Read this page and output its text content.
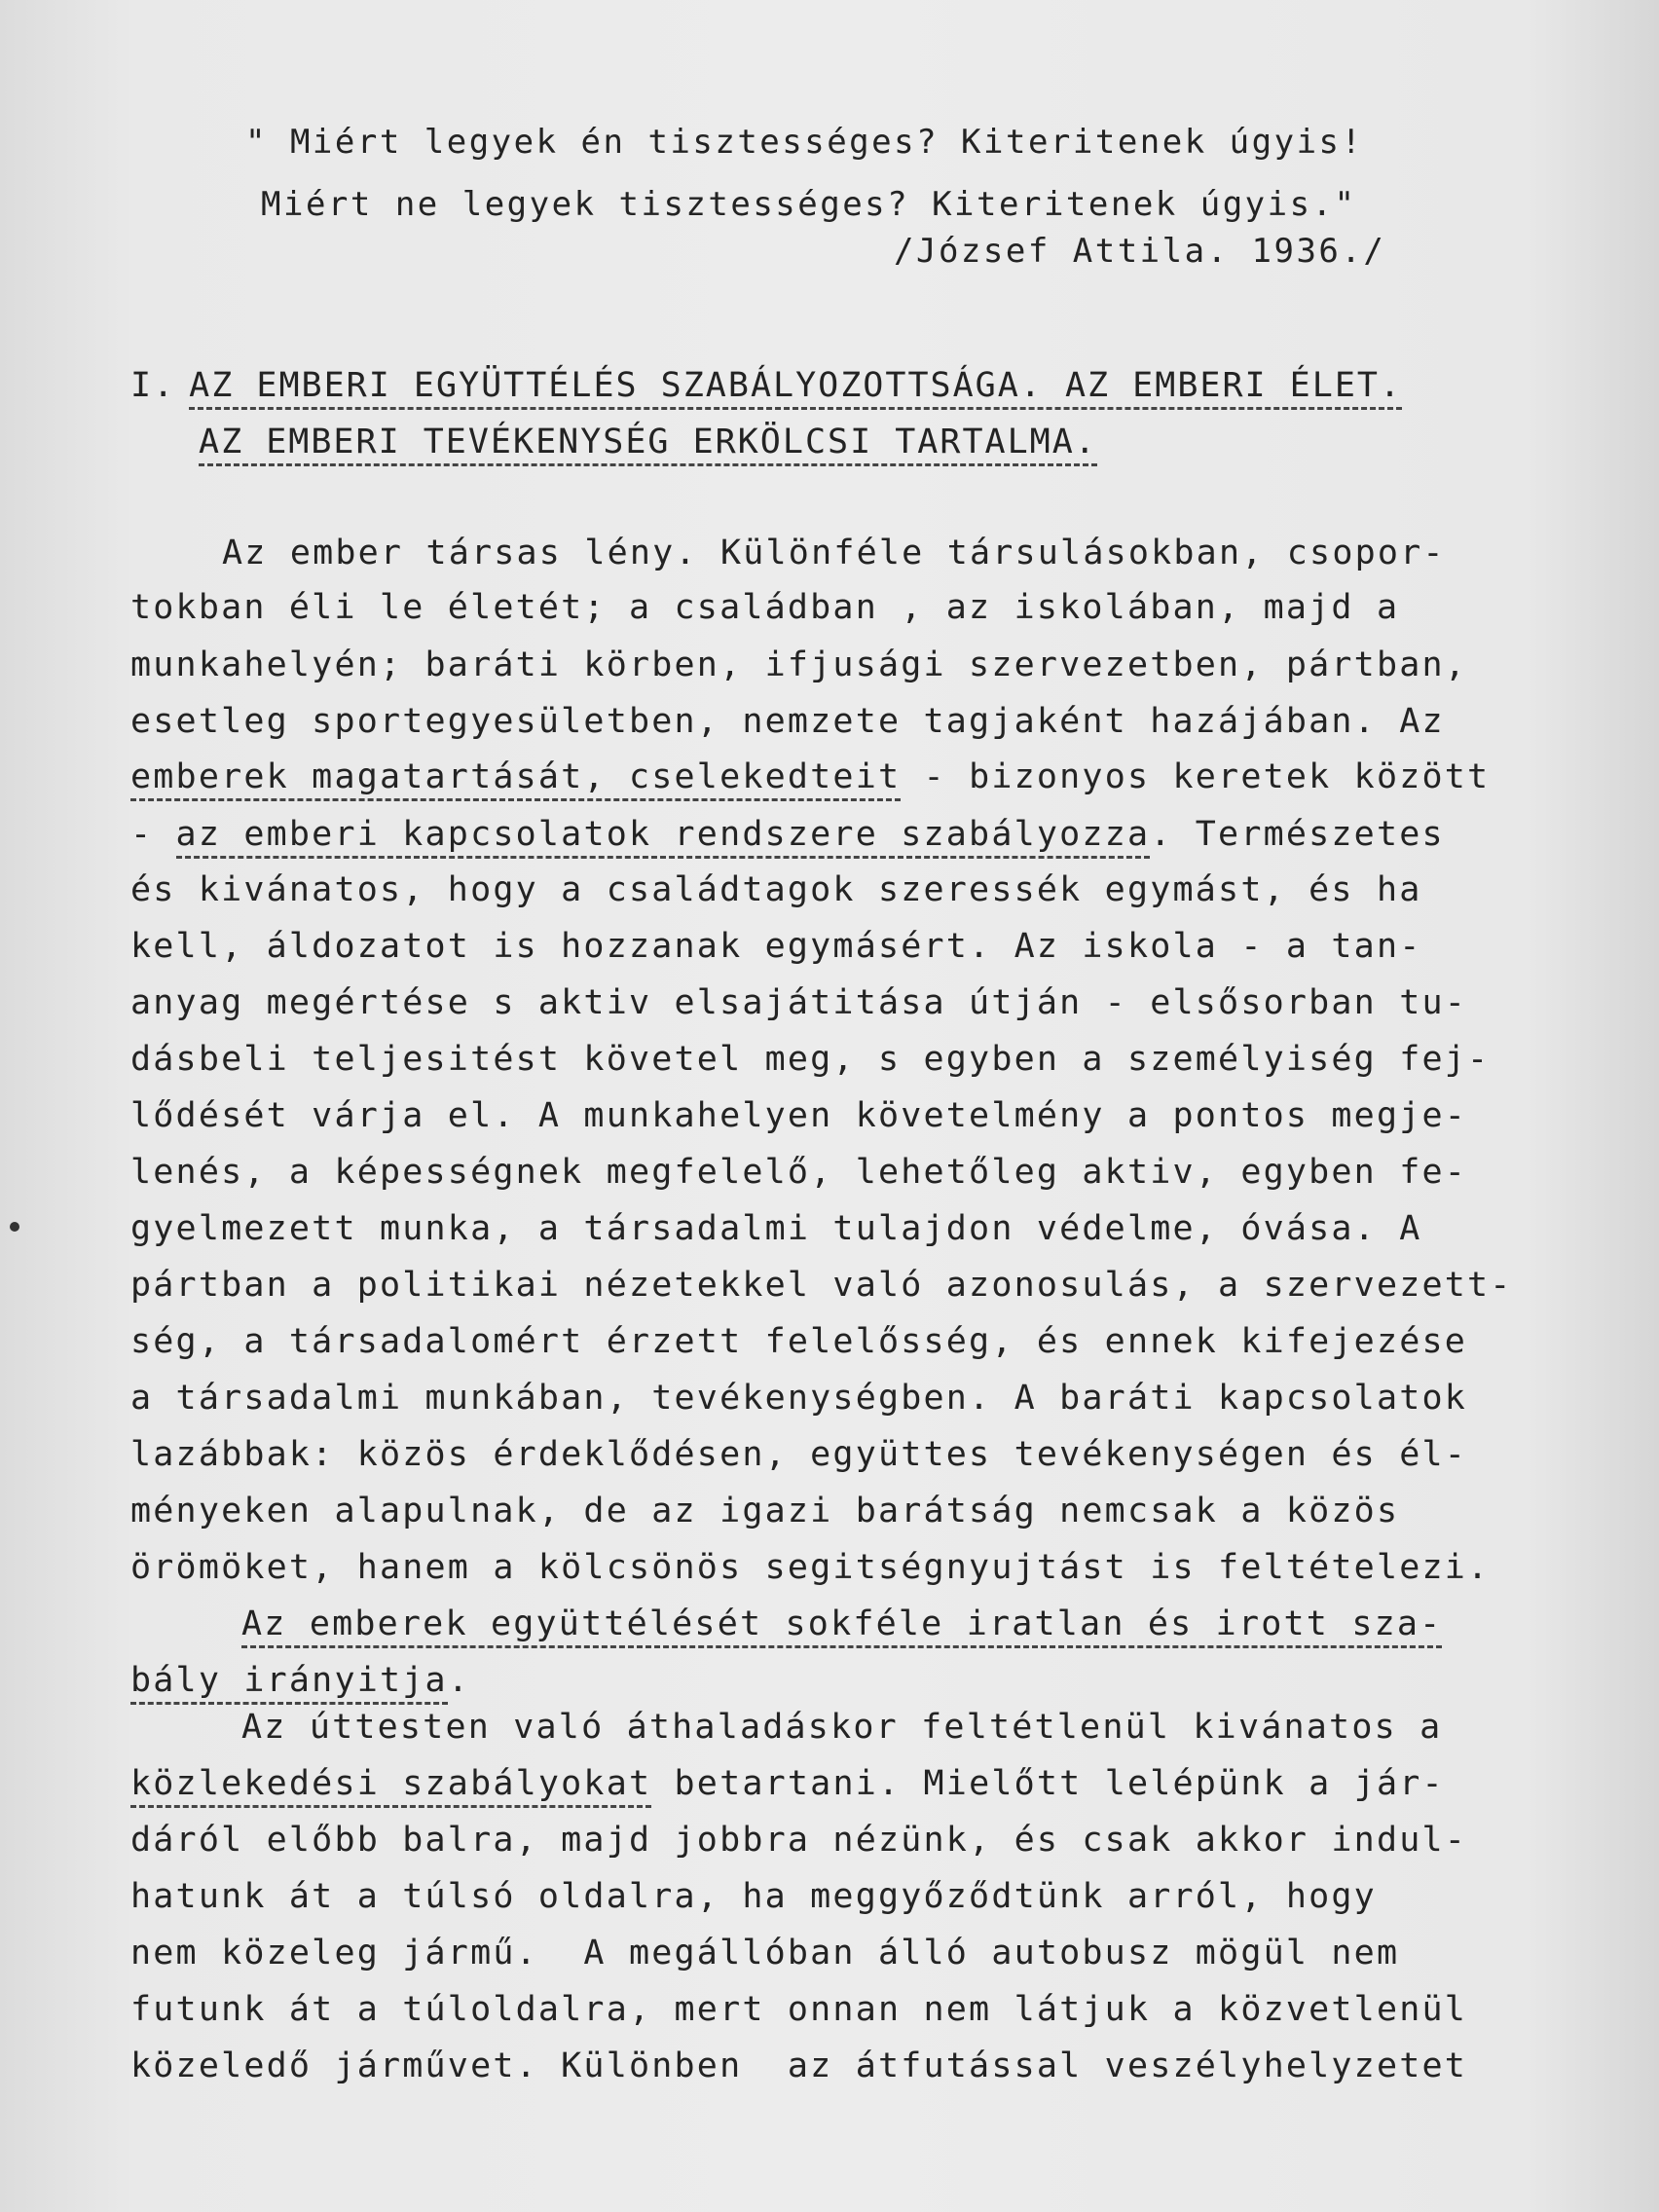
" Miért legyek én tisztességes? Kiteritenek úgyis!
Miért ne legyek tisztességes? Kiteritenek úgyis."
/József Attila. 1936./
I. AZ EMBERI EGYÜTTÉLÉS SZABÁLYOZOTTSÁGA. AZ EMBERI ÉLET.
AZ EMBERI TEVÉKENYSÉG ERKÖLCSI TARTALMA.
Az ember társas lény. Különféle társulásokban, csopor-
tokban éli le életét; a családban , az iskolában, majd a
munkahelyén; baráti körben, ifjusági szervezetben, pártban,
esetleg sportegyesületben, nemzete tagjaként hazájában. Az
emberek magatartását, cselekedteit - bizonyos keretek között
- az emberi kapcsolatok rendszere szabályozza. Természetes
és kivánatos, hogy a családtagok szeressék egymást, és ha
kell, áldozatot is hozzanak egymásért. Az iskola - a tan-
anyag megértése s aktiv elsajátitása útján - elsősorban tu-
dásbeli teljesitést követel meg, s egyben a személyiség fej-
lődését várja el. A munkahelyen követelmény a pontos megje-
lenés, a képességnek megfelelő, lehetőleg aktiv, egyben fe-
gyelmezett munka, a társadalmi tulajdon védelme, óvása. A
pártban a politikai nézetekkel való azonosulás, a szervezett-
ség, a társadalomért érzett felelősség, és ennek kifejezése
a társadalmi munkában, tevékenységben. A baráti kapcsolatok
lazábbak: közös érdeklődésen, együttes tevékenységen és él-
ményeken alapulnak, de az igazi barátság nemcsak a közös
örömöket, hanem a kölcsönös segitségnyujtást is feltételezi.
Az emberek együttélését sokféle iratlan és irott sza-
bály irányitja.
Az úttesten való áthaladáskor feltétlenül kivánatos a
közlekedési szabályokat betartani. Mielőtt lelépünk a jár-
dáról előbb balra, majd jobbra nézünk, és csak akkor indul-
hatunk át a túlsó oldalra, ha meggyőződtünk arról, hogy
nem közeleg jármű.  A megállóban álló autobusz mögül nem
futunk át a túloldalra, mert onnan nem látjuk a közvetlenül
közeledő járművet. Különben  az átfutással veszélyhelyzetet
